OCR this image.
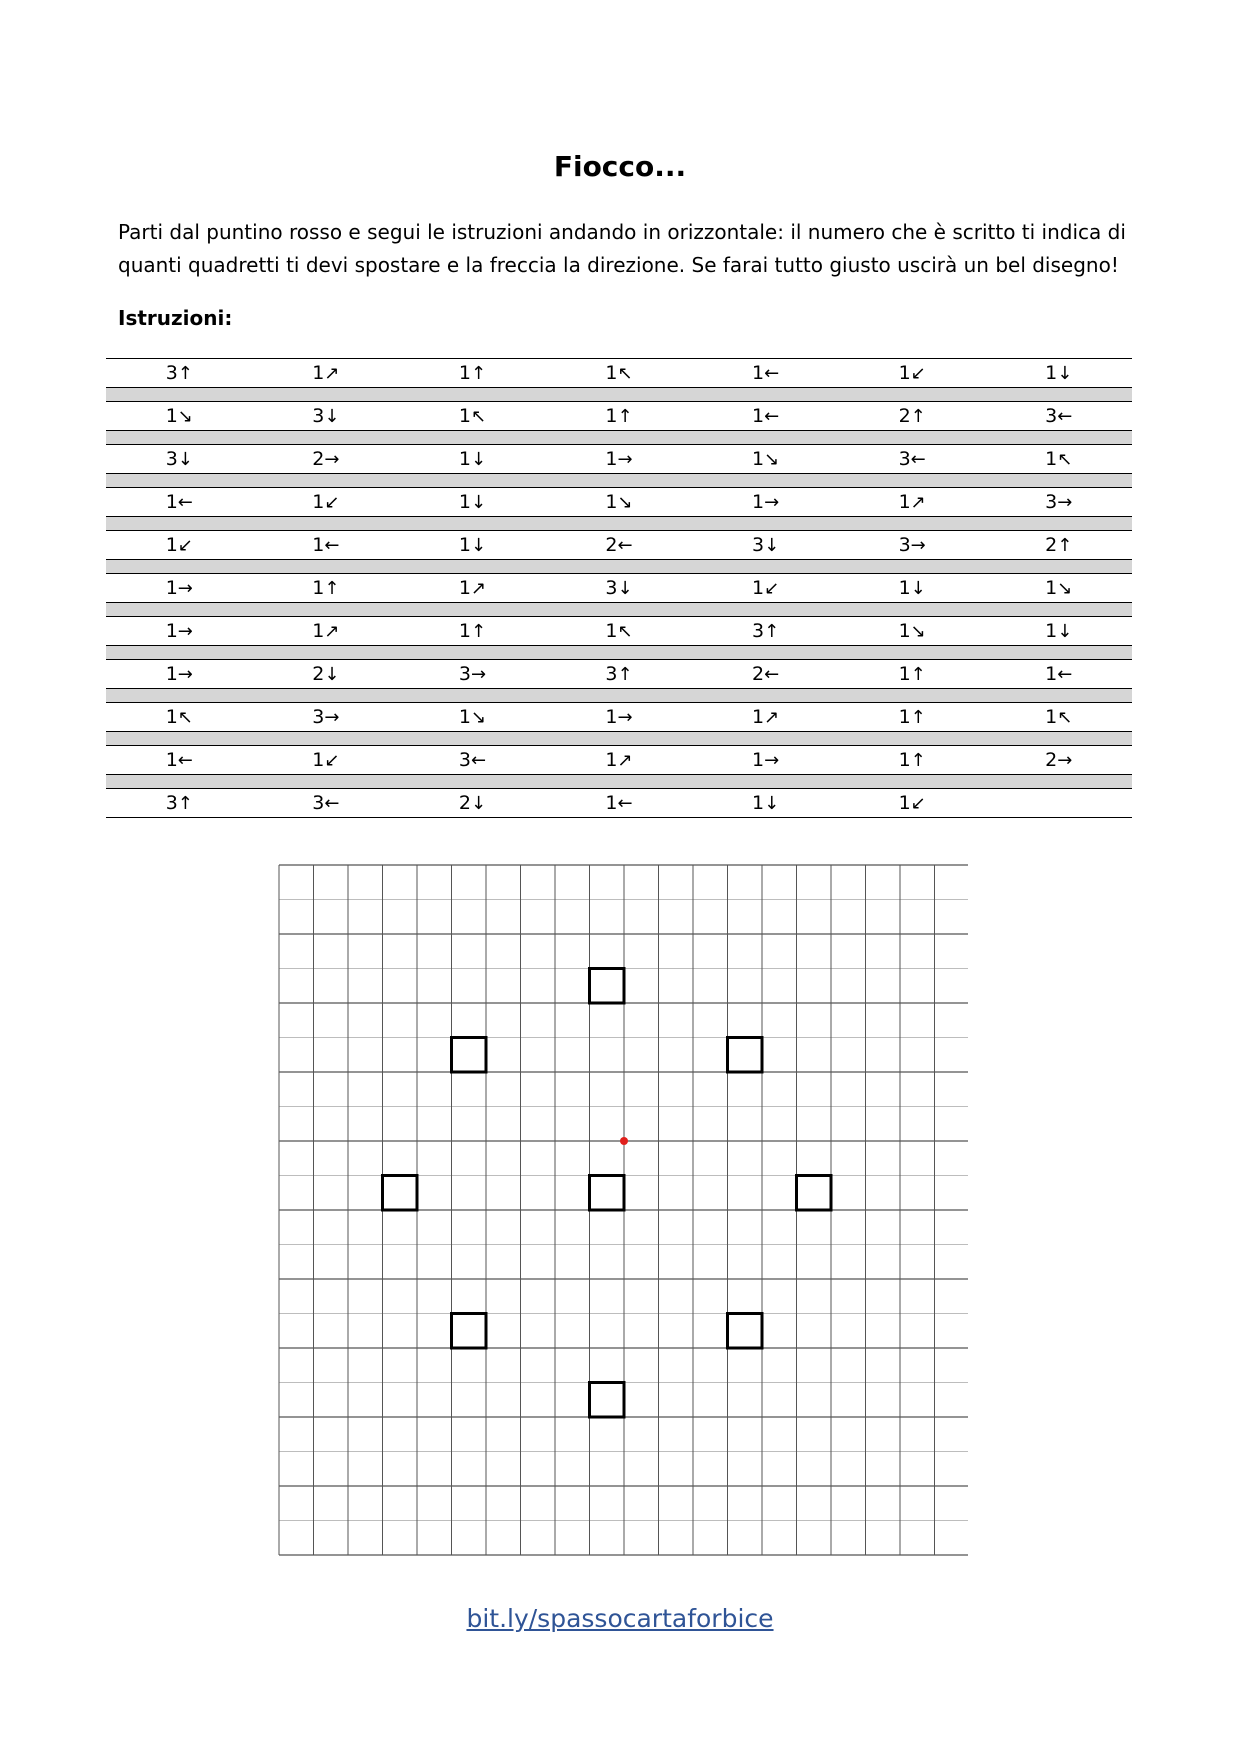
Fiocco...
Parti dal puntino rosso e segui le istruzioni andando in orizzontale: il numero che è scritto ti indica di quanti quadretti ti devi spostare e la freccia la direzione. Se farai tutto giusto uscirà un bel disegno!
Istruzioni:
3↑	1↗	1↑	1↖	1←	1↙	1↓
1↘	3↓	1↖	1↑	1←	2↑	3←
3↓	2→	1↓	1→	1↘	3←	1↖
1←	1↙	1↓	1↘	1→	1↗	3→
1↙	1←	1↓	2←	3↓	3→	2↑
1→	1↑	1↗	3↓	1↙	1↓	1↘
1→	1↗	1↑	1↖	3↑	1↘	1↓
1→	2↓	3→	3↑	2←	1↑	1←
1↖	3→	1↘	1→	1↗	1↑	1↖
1←	1↙	3←	1↗	1→	1↑	2→
3↑	3←	2↓	1←	1↓	1↙
bit.ly/spassocartaforbice
